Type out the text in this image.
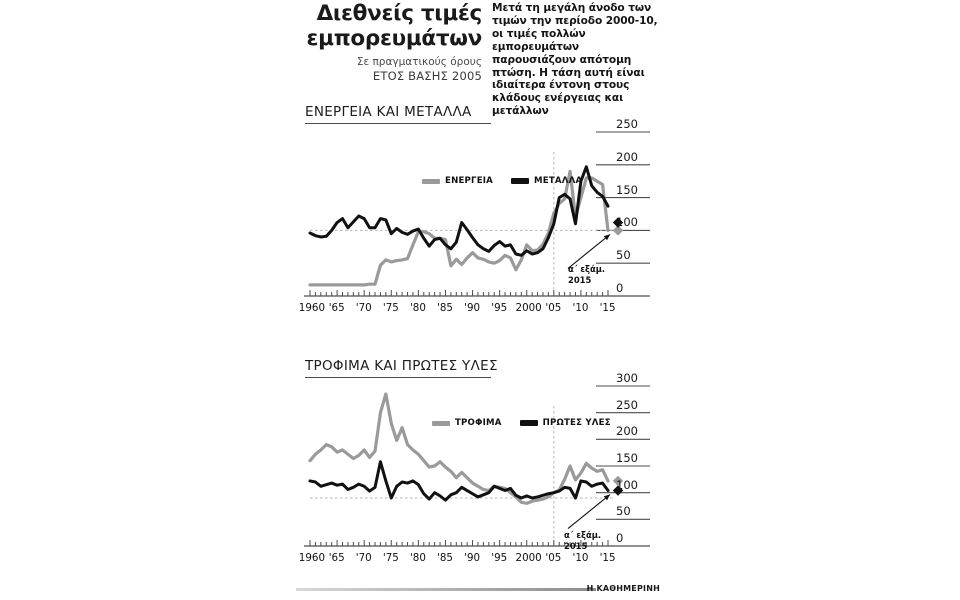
Διεθνείς τιμές
εμπορευμάτων
Σε πραγματικούς όρους
ΕΤΟΣ ΒΑΣΗΣ 2005
Μετά τη μεγάλη άνοδο των τιμών την περίοδο 2000-10, οι τιμές πολλών εμπορευμάτων παρουσιάζουν απότομη πτώση. Η τάση αυτή είναι ιδιαίτερα έντονη στους κλάδους ενέργειας και μετάλλων
ΕΝΕΡΓΕΙΑ ΚΑΙ ΜΕΤΑΛΛΑ
ΕΝΕΡΓΕΙΑ	ΜΕΤΑΛΛΑ
α΄ εξάμ.
2015
0
50
100
150
200
250
1960 '65 '70 '75 '80 '85 '90 '95 2000 '05 '10 '15
ΤΡΟΦΙΜΑ ΚΑΙ ΠΡΩΤΕΣ ΥΛΕΣ
ΤΡΟΦΙΜΑ	ΠΡΩΤΕΣ ΥΛΕΣ
α΄ εξάμ.
2015
0
50
100
150
200
250
300
1960 '65 '70 '75 '80 '85 '90 '95 2000 '05 '10 '15
Η ΚΑΘΗΜΕΡΙΝΗ
